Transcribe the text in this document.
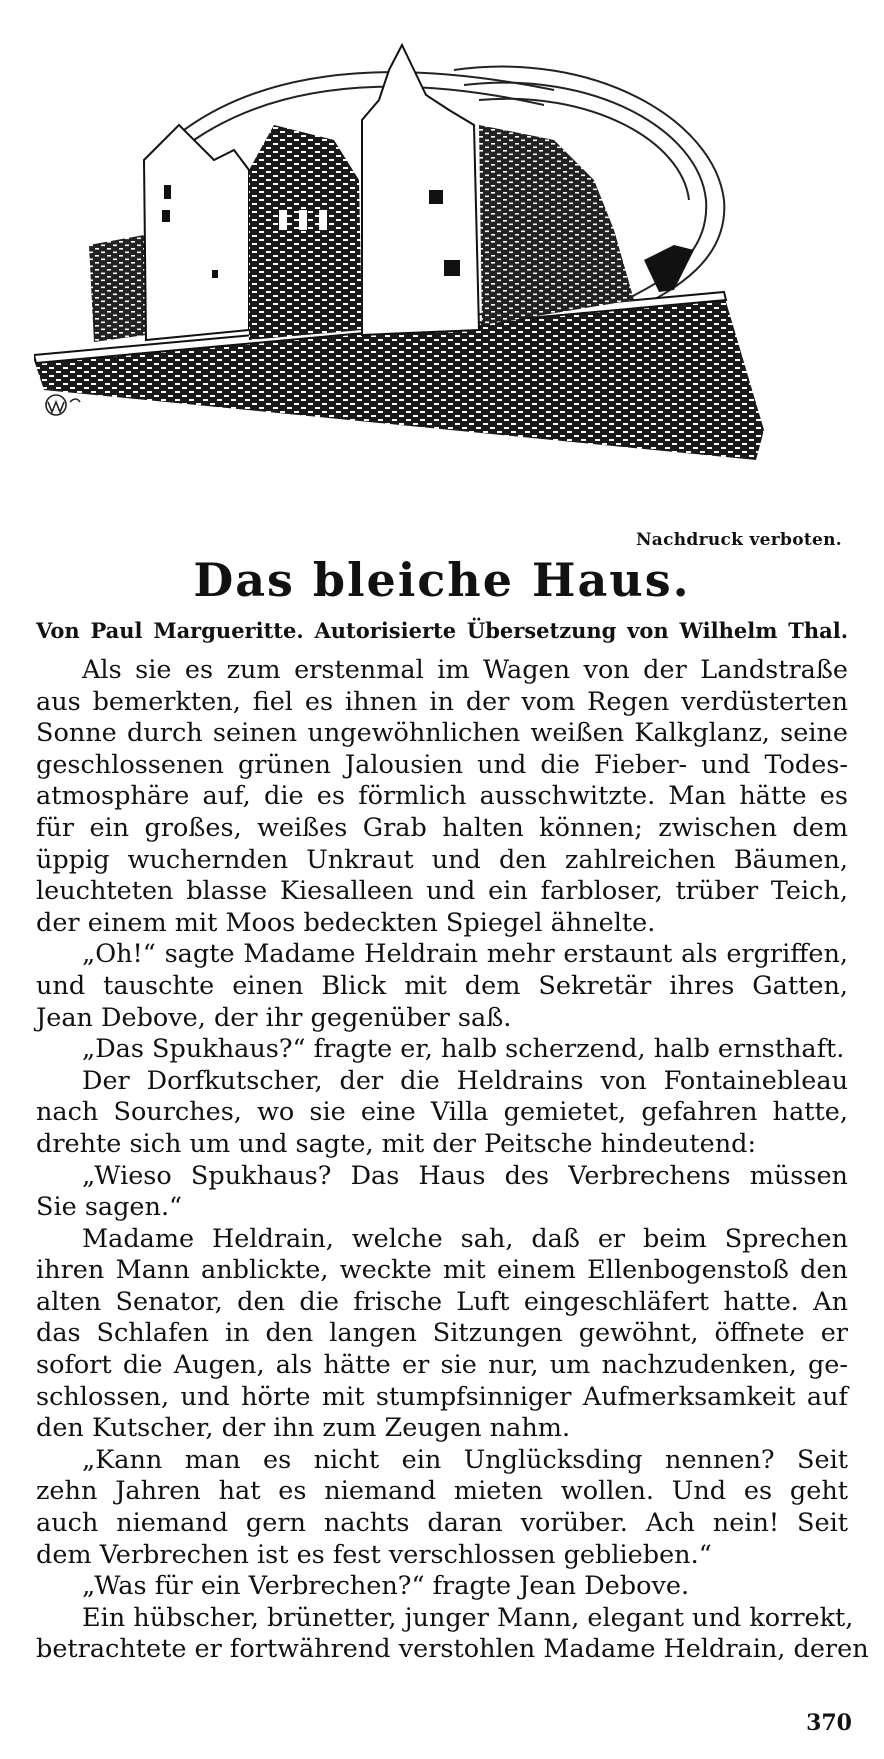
Nachdruck verboten.
Das bleiche Haus.
Von Paul Margueritte. Autorisierte Übersetzung von Wilhelm Thal.
Als sie es zum erstenmal im Wagen von der Landstraße
aus bemerkten, fiel es ihnen in der vom Regen verdüsterten
Sonne durch seinen ungewöhnlichen weißen Kalkglanz, seine
geschlossenen grünen Jalousien und die Fieber- und Todes-
atmosphäre auf, die es förmlich ausschwitzte. Man hätte es
für ein großes, weißes Grab halten können; zwischen dem
üppig wuchernden Unkraut und den zahlreichen Bäumen,
leuchteten blasse Kiesalleen und ein farbloser, trüber Teich,
der einem mit Moos bedeckten Spiegel ähnelte.
„Oh!“ sagte Madame Heldrain mehr erstaunt als ergriffen,
und tauschte einen Blick mit dem Sekretär ihres Gatten,
Jean Debove, der ihr gegenüber saß.
„Das Spukhaus?“ fragte er, halb scherzend, halb ernsthaft.
Der Dorfkutscher, der die Heldrains von Fontainebleau
nach Sourches, wo sie eine Villa gemietet, gefahren hatte,
drehte sich um und sagte, mit der Peitsche hindeutend:
„Wieso Spukhaus? Das Haus des Verbrechens müssen
Sie sagen.“
Madame Heldrain, welche sah, daß er beim Sprechen
ihren Mann anblickte, weckte mit einem Ellenbogenstoß den
alten Senator, den die frische Luft eingeschläfert hatte. An
das Schlafen in den langen Sitzungen gewöhnt, öffnete er
sofort die Augen, als hätte er sie nur, um nachzudenken, ge-
schlossen, und hörte mit stumpfsinniger Aufmerksamkeit auf
den Kutscher, der ihn zum Zeugen nahm.
„Kann man es nicht ein Unglücksding nennen? Seit
zehn Jahren hat es niemand mieten wollen. Und es geht
auch niemand gern nachts daran vorüber. Ach nein! Seit
dem Verbrechen ist es fest verschlossen geblieben.“
„Was für ein Verbrechen?“ fragte Jean Debove.
Ein hübscher, brünetter, junger Mann, elegant und korrekt,
betrachtete er fortwährend verstohlen Madame Heldrain, deren
370
